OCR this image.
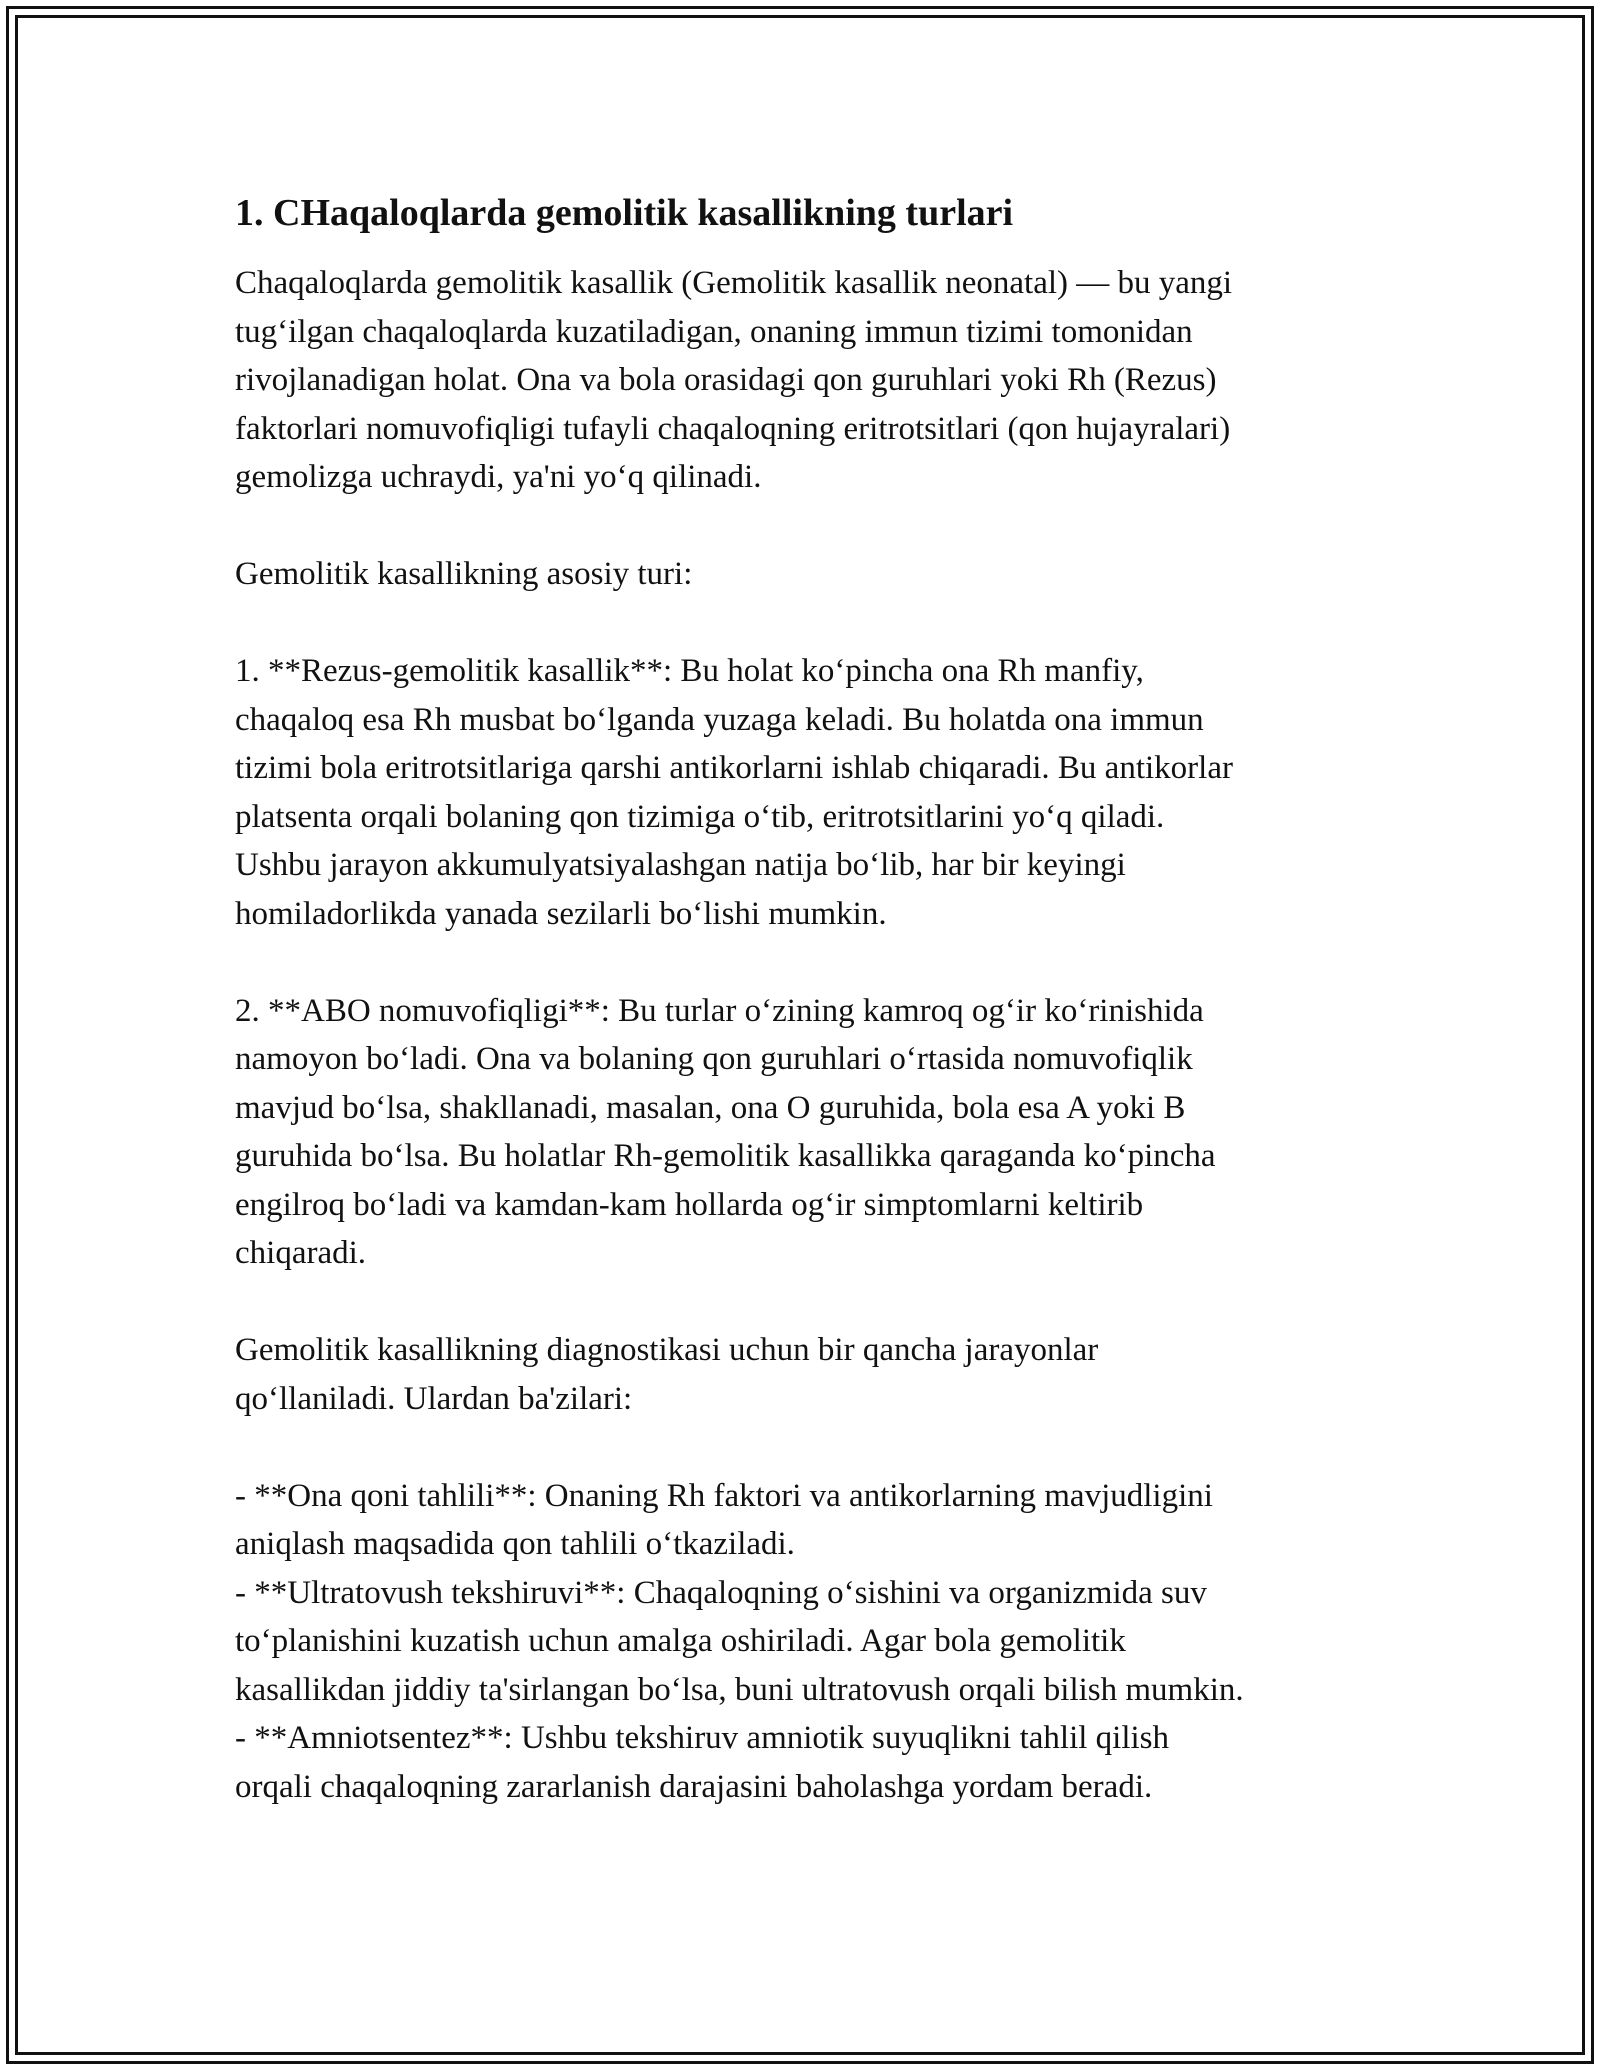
1. CHaqaloqlarda gemolitik kasallikning turlari

Chaqaloqlarda gemolitik kasallik (Gemolitik kasallik neonatal) — bu yangi
tug‘ilgan chaqaloqlarda kuzatiladigan, onaning immun tizimi tomonidan
rivojlanadigan holat. Ona va bola orasidagi qon guruhlari yoki Rh (Rezus)
faktorlari nomuvofiqligi tufayli chaqaloqning eritrotsitlari (qon hujayralari)
gemolizga uchraydi, ya'ni yo‘q qilinadi.

Gemolitik kasallikning asosiy turi:

1. **Rezus-gemolitik kasallik**: Bu holat ko‘pincha ona Rh manfiy,
chaqaloq esa Rh musbat bo‘lganda yuzaga keladi. Bu holatda ona immun
tizimi bola eritrotsitlariga qarshi antikorlarni ishlab chiqaradi. Bu antikorlar
platsenta orqali bolaning qon tizimiga o‘tib, eritrotsitlarini yo‘q qiladi.
Ushbu jarayon akkumulyatsiyalashgan natija bo‘lib, har bir keyingi
homiladorlikda yanada sezilarli bo‘lishi mumkin.

2. **ABO nomuvofiqligi**: Bu turlar o‘zining kamroq og‘ir ko‘rinishida
namoyon bo‘ladi. Ona va bolaning qon guruhlari o‘rtasida nomuvofiqlik
mavjud bo‘lsa, shakllanadi, masalan, ona O guruhida, bola esa A yoki B
guruhida bo‘lsa. Bu holatlar Rh-gemolitik kasallikka qaraganda ko‘pincha
engilroq bo‘ladi va kamdan-kam hollarda og‘ir simptomlarni keltirib
chiqaradi.

Gemolitik kasallikning diagnostikasi uchun bir qancha jarayonlar
qo‘llaniladi. Ulardan ba'zilari:

- **Ona qoni tahlili**: Onaning Rh faktori va antikorlarning mavjudligini
aniqlash maqsadida qon tahlili o‘tkaziladi.
- **Ultratovush tekshiruvi**: Chaqaloqning o‘sishini va organizmida suv
to‘planishini kuzatish uchun amalga oshiriladi. Agar bola gemolitik
kasallikdan jiddiy ta'sirlangan bo‘lsa, buni ultratovush orqali bilish mumkin.
- **Amniotsentez**: Ushbu tekshiruv amniotik suyuqlikni tahlil qilish
orqali chaqaloqning zararlanish darajasini baholashga yordam beradi.
